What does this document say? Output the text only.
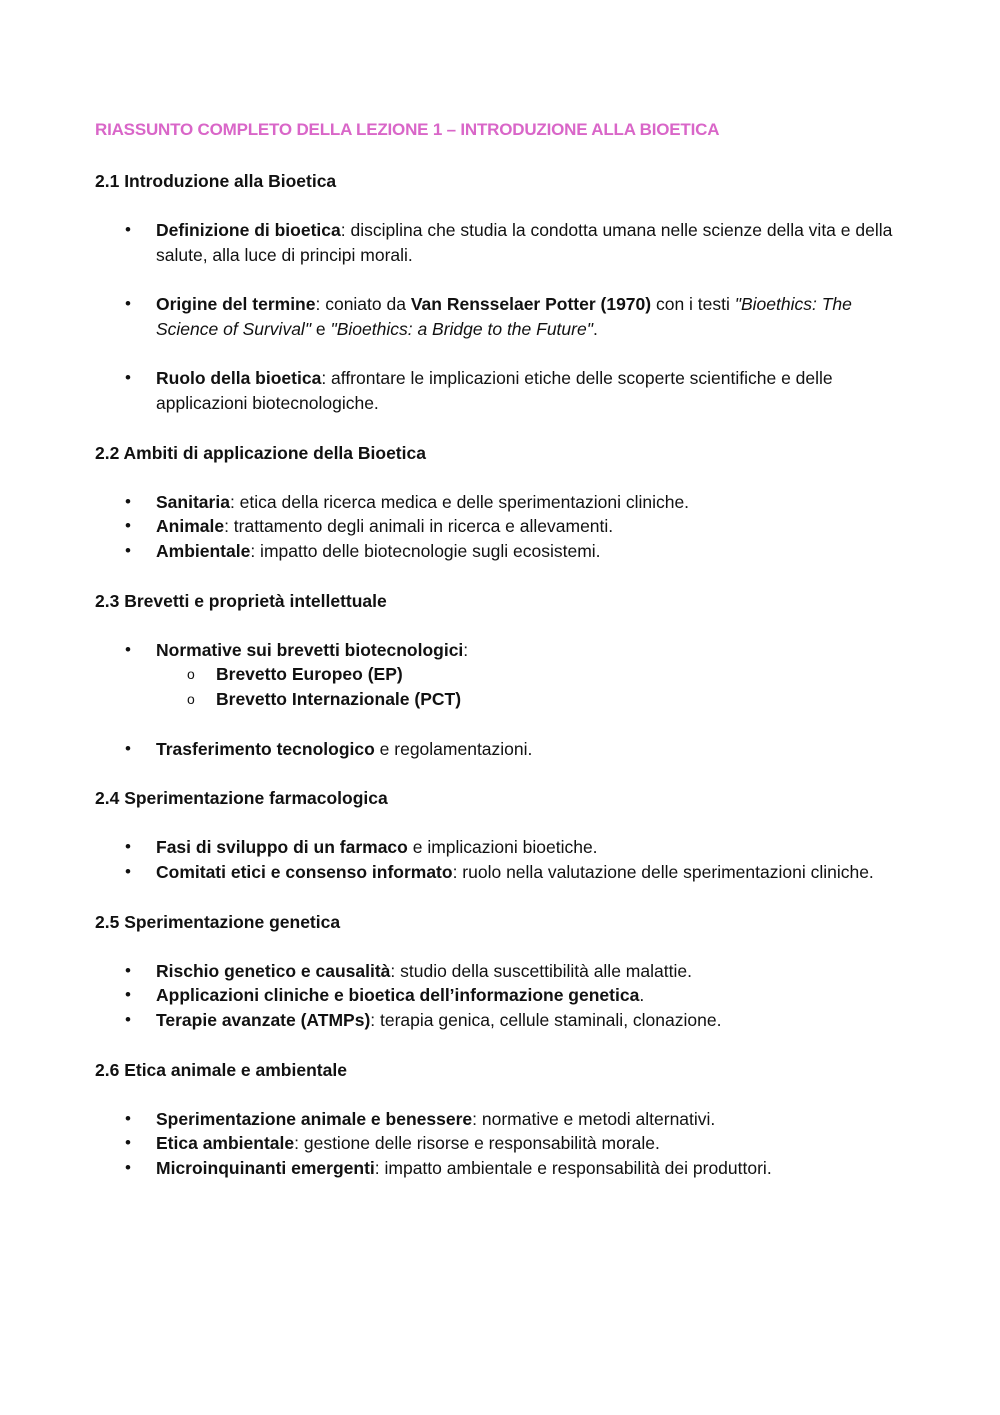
RIASSUNTO COMPLETO DELLA LEZIONE 1 – INTRODUZIONE ALLA BIOETICA
2.1 Introduzione alla Bioetica
• Definizione di bioetica: disciplina che studia la condotta umana nelle scienze della vita e della salute, alla luce di principi morali.
• Origine del termine: coniato da Van Rensselaer Potter (1970) con i testi "Bioethics: The Science of Survival" e "Bioethics: a Bridge to the Future".
• Ruolo della bioetica: affrontare le implicazioni etiche delle scoperte scientifiche e delle applicazioni biotecnologiche.
2.2 Ambiti di applicazione della Bioetica
• Sanitaria: etica della ricerca medica e delle sperimentazioni cliniche.
• Animale: trattamento degli animali in ricerca e allevamenti.
• Ambientale: impatto delle biotecnologie sugli ecosistemi.
2.3 Brevetti e proprietà intellettuale
• Normative sui brevetti biotecnologici:
o Brevetto Europeo (EP)
o Brevetto Internazionale (PCT)
• Trasferimento tecnologico e regolamentazioni.
2.4 Sperimentazione farmacologica
• Fasi di sviluppo di un farmaco e implicazioni bioetiche.
• Comitati etici e consenso informato: ruolo nella valutazione delle sperimentazioni cliniche.
2.5 Sperimentazione genetica
• Rischio genetico e causalità: studio della suscettibilità alle malattie.
• Applicazioni cliniche e bioetica dell’informazione genetica.
• Terapie avanzate (ATMPs): terapia genica, cellule staminali, clonazione.
2.6 Etica animale e ambientale
• Sperimentazione animale e benessere: normative e metodi alternativi.
• Etica ambientale: gestione delle risorse e responsabilità morale.
• Microinquinanti emergenti: impatto ambientale e responsabilità dei produttori.
